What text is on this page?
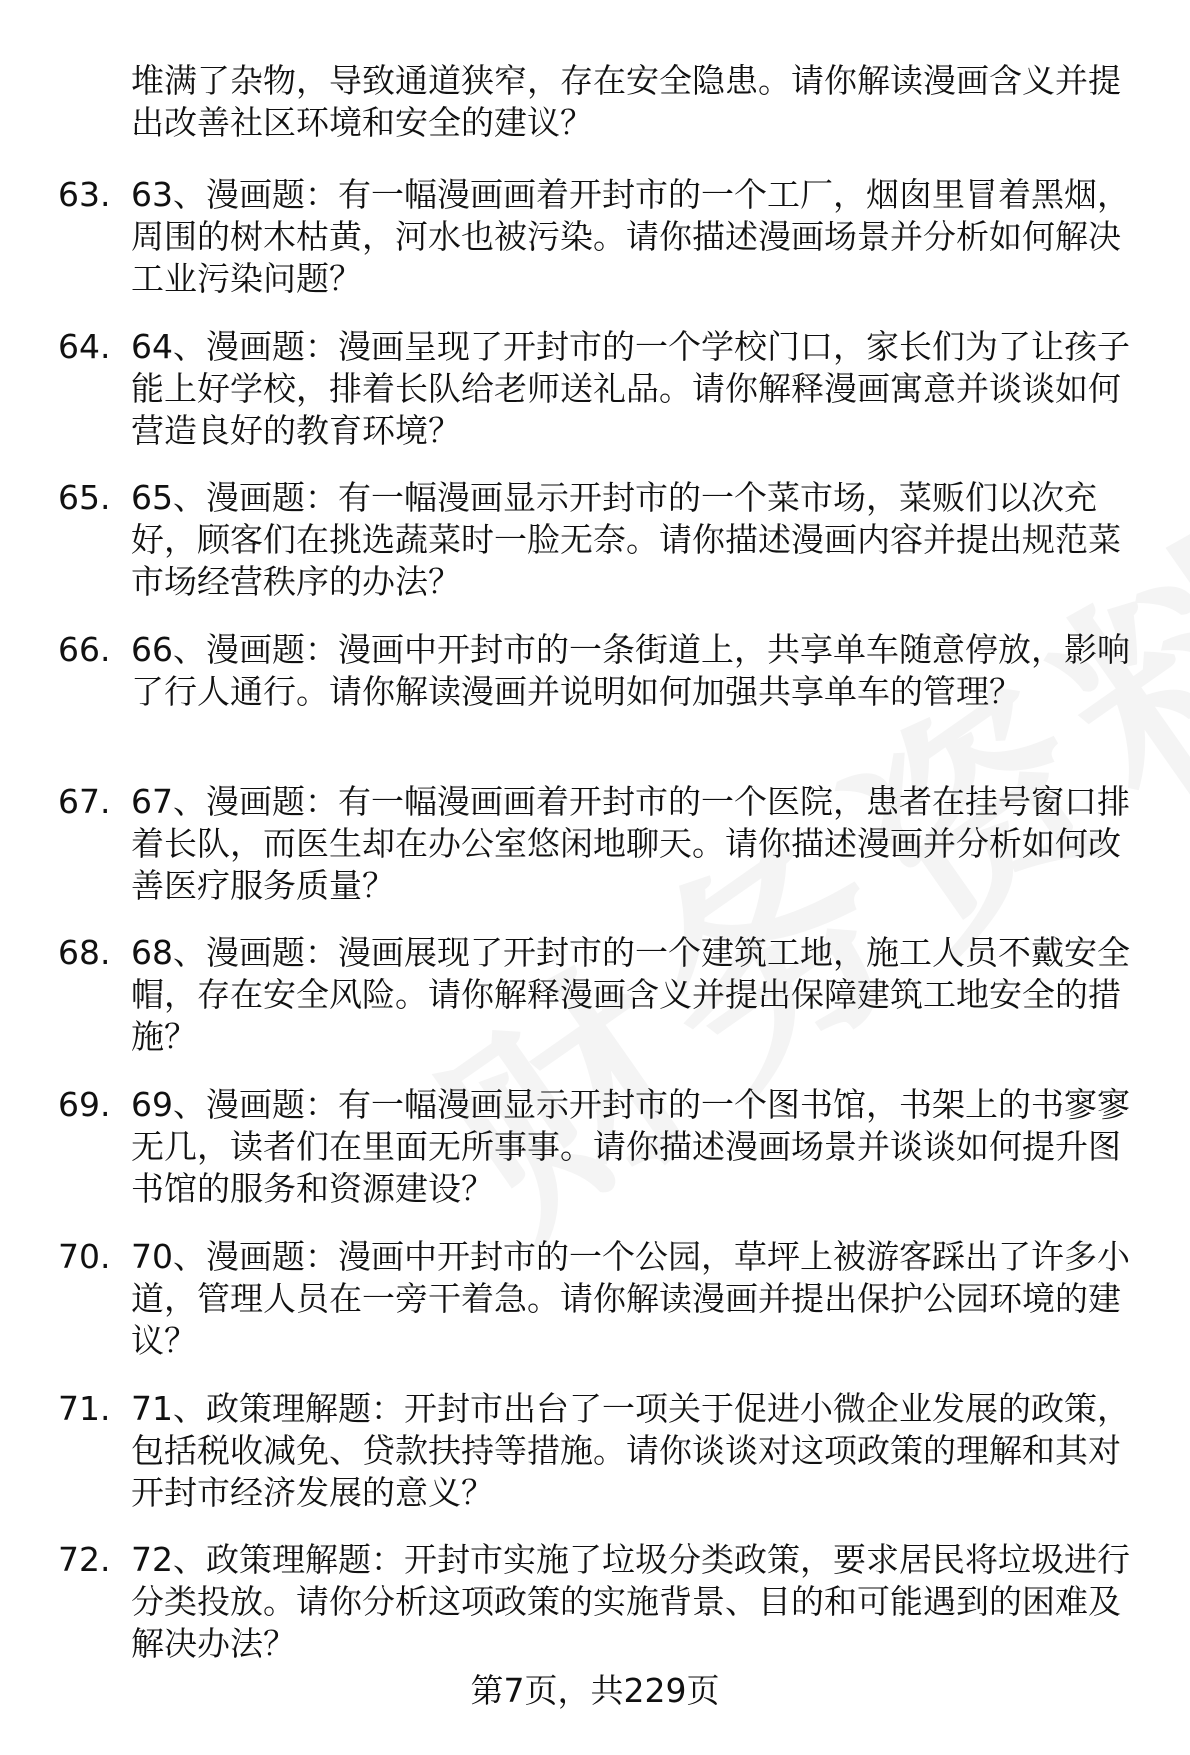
堆满了杂物，导致通道狭窄，存在安全隐患。请你解读漫画含义并提出改善社区环境和安全的建议？

63. 63、漫画题：有一幅漫画画着开封市的一个工厂，烟囱里冒着黑烟，周围的树木枯黄，河水也被污染。请你描述漫画场景并分析如何解决工业污染问题？

64. 64、漫画题：漫画呈现了开封市的一个学校门口，家长们为了让孩子能上好学校，排着长队给老师送礼品。请你解释漫画寓意并谈谈如何营造良好的教育环境？

65. 65、漫画题：有一幅漫画显示开封市的一个菜市场，菜贩们以次充好，顾客们在挑选蔬菜时一脸无奈。请你描述漫画内容并提出规范菜市场经营秩序的办法？

66. 66、漫画题：漫画中开封市的一条街道上，共享单车随意停放，影响了行人通行。请你解读漫画并说明如何加强共享单车的管理？

67. 67、漫画题：有一幅漫画画着开封市的一个医院，患者在挂号窗口排着长队，而医生却在办公室悠闲地聊天。请你描述漫画并分析如何改善医疗服务质量？

68. 68、漫画题：漫画展现了开封市的一个建筑工地，施工人员不戴安全帽，存在安全风险。请你解释漫画含义并提出保障建筑工地安全的措施？

69. 69、漫画题：有一幅漫画显示开封市的一个图书馆，书架上的书寥寥无几，读者们在里面无所事事。请你描述漫画场景并谈谈如何提升图书馆的服务和资源建设？

70. 70、漫画题：漫画中开封市的一个公园，草坪上被游客踩出了许多小道，管理人员在一旁干着急。请你解读漫画并提出保护公园环境的建议？

71. 71、政策理解题：开封市出台了一项关于促进小微企业发展的政策，包括税收减免、贷款扶持等措施。请你谈谈对这项政策的理解和其对开封市经济发展的意义？

72. 72、政策理解题：开封市实施了垃圾分类政策，要求居民将垃圾进行分类投放。请你分析这项政策的实施背景、目的和可能遇到的困难及解决办法？

第7页，共229页
